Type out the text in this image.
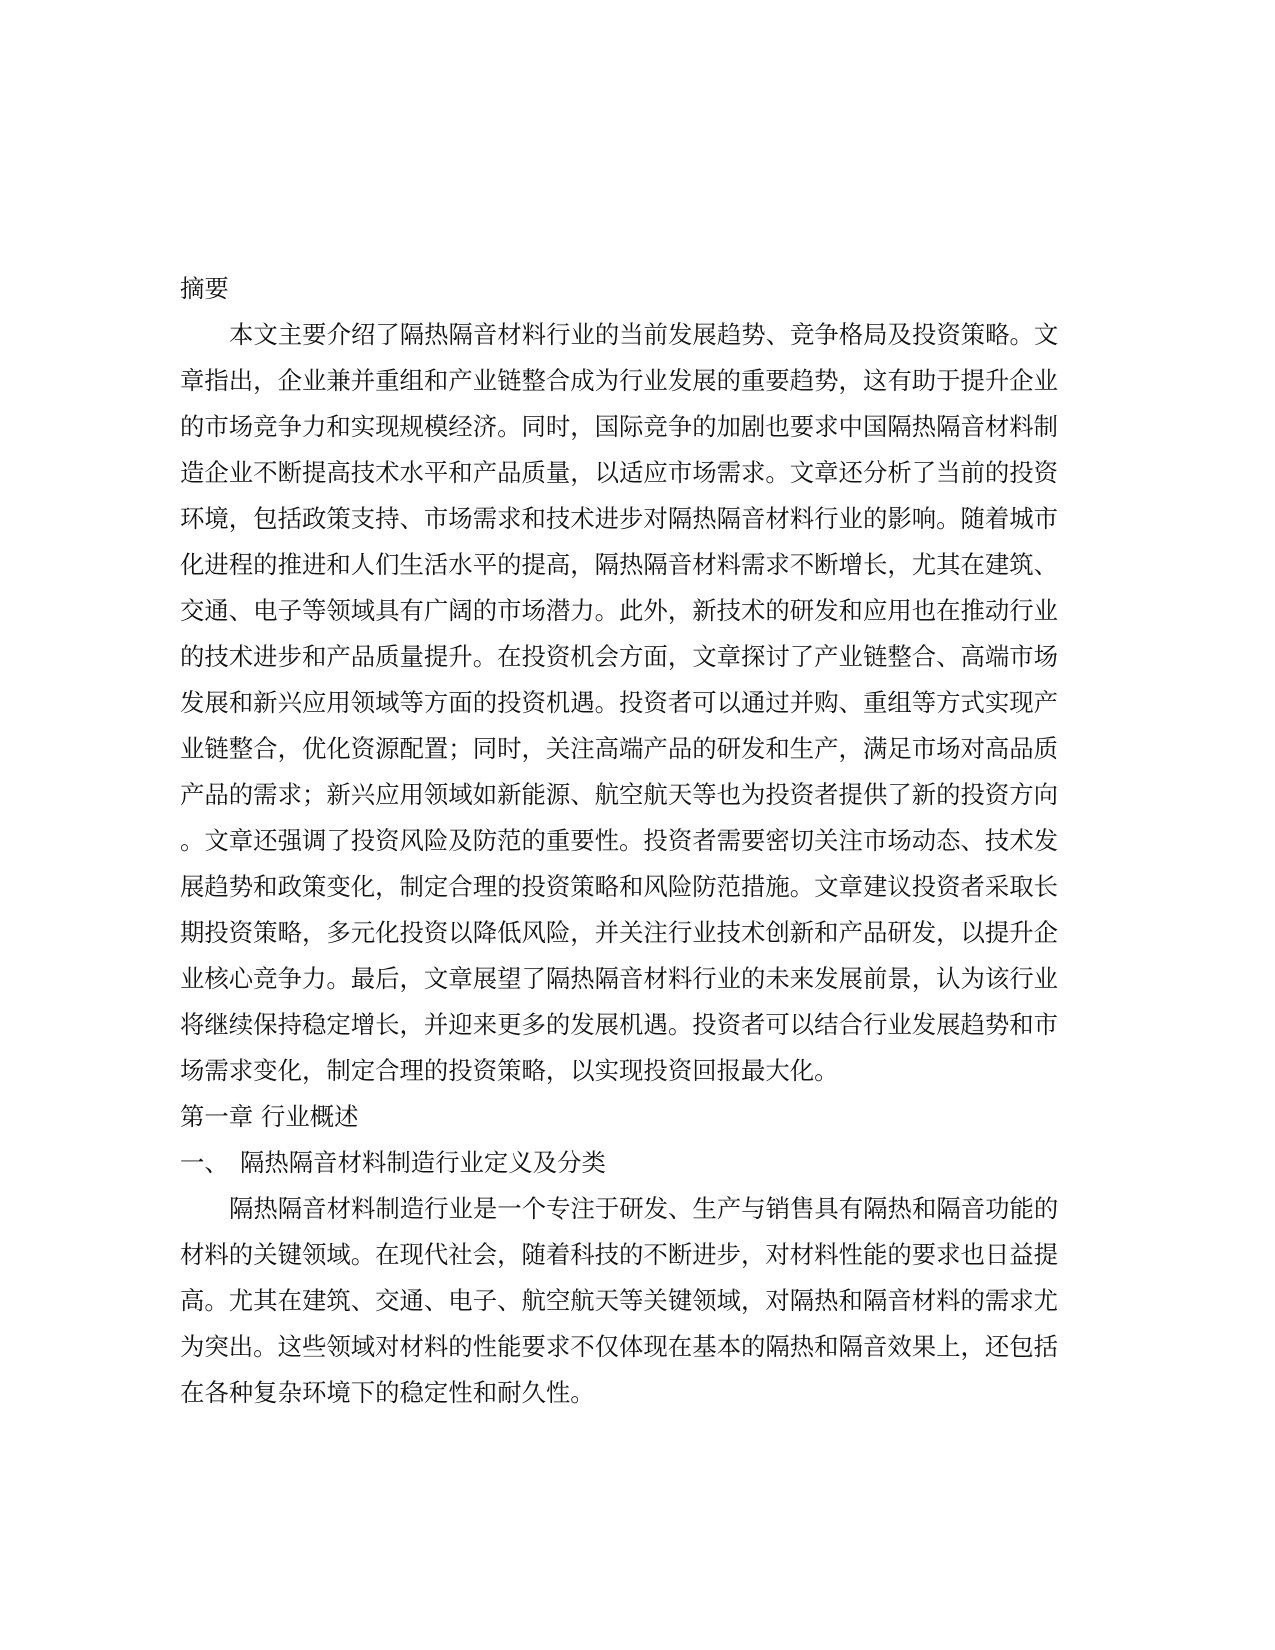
摘要
本文主要介绍了隔热隔音材料行业的当前发展趋势、竞争格局及投资策略。文
章指出，企业兼并重组和产业链整合成为行业发展的重要趋势，这有助于提升企业
的市场竞争力和实现规模经济。同时，国际竞争的加剧也要求中国隔热隔音材料制
造企业不断提高技术水平和产品质量，以适应市场需求。文章还分析了当前的投资
环境，包括政策支持、市场需求和技术进步对隔热隔音材料行业的影响。随着城市
化进程的推进和人们生活水平的提高，隔热隔音材料需求不断增长，尤其在建筑、
交通、电子等领域具有广阔的市场潜力。此外，新技术的研发和应用也在推动行业
的技术进步和产品质量提升。在投资机会方面，文章探讨了产业链整合、高端市场
发展和新兴应用领域等方面的投资机遇。投资者可以通过并购、重组等方式实现产
业链整合，优化资源配置；同时，关注高端产品的研发和生产，满足市场对高品质
产品的需求；新兴应用领域如新能源、航空航天等也为投资者提供了新的投资方向
。文章还强调了投资风险及防范的重要性。投资者需要密切关注市场动态、技术发
展趋势和政策变化，制定合理的投资策略和风险防范措施。文章建议投资者采取长
期投资策略，多元化投资以降低风险，并关注行业技术创新和产品研发，以提升企
业核心竞争力。最后，文章展望了隔热隔音材料行业的未来发展前景，认为该行业
将继续保持稳定增长，并迎来更多的发展机遇。投资者可以结合行业发展趋势和市
场需求变化，制定合理的投资策略，以实现投资回报最大化。
第一章 行业概述
一、 隔热隔音材料制造行业定义及分类
隔热隔音材料制造行业是一个专注于研发、生产与销售具有隔热和隔音功能的
材料的关键领域。在现代社会，随着科技的不断进步，对材料性能的要求也日益提
高。尤其在建筑、交通、电子、航空航天等关键领域，对隔热和隔音材料的需求尤
为突出。这些领域对材料的性能要求不仅体现在基本的隔热和隔音效果上，还包括
在各种复杂环境下的稳定性和耐久性。
